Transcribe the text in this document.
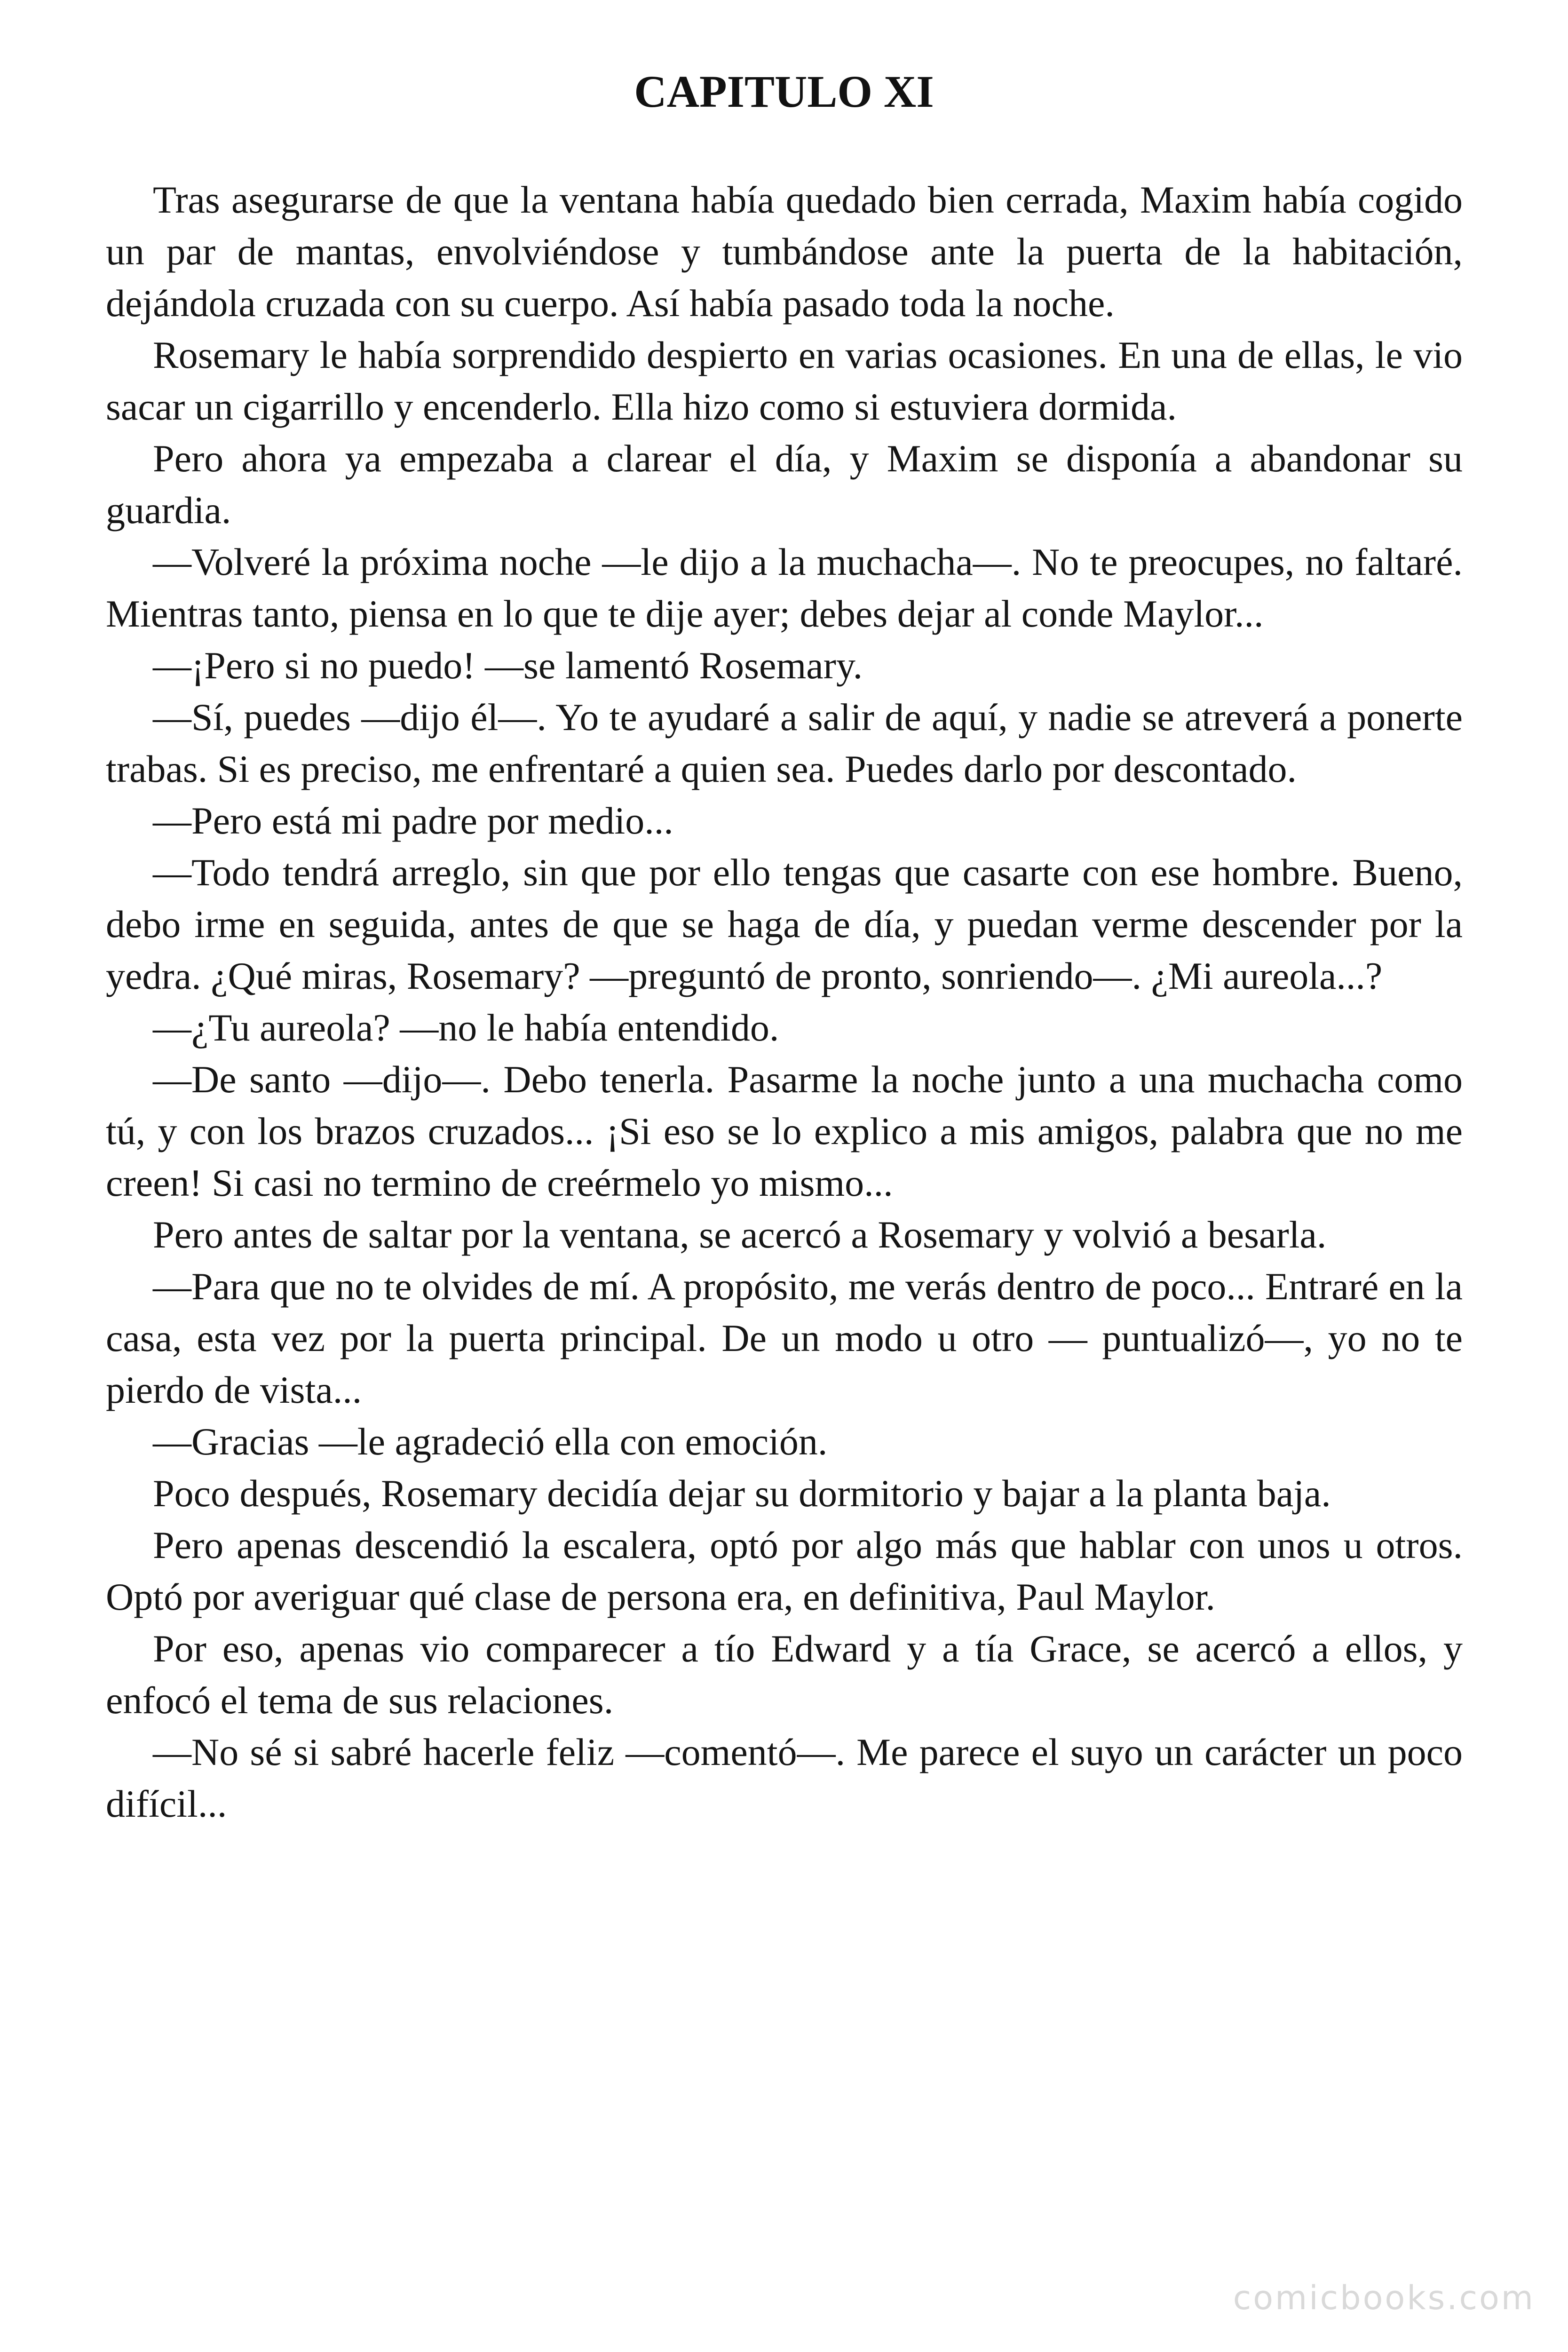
CAPITULO XI

Tras asegurarse de que la ventana había quedado bien cerrada, Maxim había cogido un par de mantas, envolviéndose y tumbándose ante la puerta de la habitación, dejándola cruzada con su cuerpo. Así había pasado toda la noche.

Rosemary le había sorprendido despierto en varias ocasiones. En una de ellas, le vio sacar un cigarrillo y encenderlo. Ella hizo como si estuviera dormida.

Pero ahora ya empezaba a clarear el día, y Maxim se disponía a abandonar su guardia.

—Volveré la próxima noche —le dijo a la muchacha—. No te preocupes, no faltaré. Mientras tanto, piensa en lo que te dije ayer; debes dejar al conde Maylor...

—¡Pero si no puedo! —se lamentó Rosemary.

—Sí, puedes —dijo él—. Yo te ayudaré a salir de aquí, y nadie se atreverá a ponerte trabas. Si es preciso, me enfrentaré a quien sea. Puedes darlo por descontado.

—Pero está mi padre por medio...

—Todo tendrá arreglo, sin que por ello tengas que casarte con ese hombre. Bueno, debo irme en seguida, antes de que se haga de día, y puedan verme descender por la yedra. ¿Qué miras, Rosemary? —preguntó de pronto, sonriendo—. ¿Mi aureola...?

—¿Tu aureola? —no le había entendido.

—De santo —dijo—. Debo tenerla. Pasarme la noche junto a una muchacha como tú, y con los brazos cruzados... ¡Si eso se lo explico a mis amigos, palabra que no me creen! Si casi no termino de creérmelo yo mismo...

Pero antes de saltar por la ventana, se acercó a Rosemary y volvió a besarla.

—Para que no te olvides de mí. A propósito, me verás dentro de poco... Entraré en la casa, esta vez por la puerta principal. De un modo u otro — puntualizó—, yo no te pierdo de vista...

—Gracias —le agradeció ella con emoción.

Poco después, Rosemary decidía dejar su dormitorio y bajar a la planta baja.

Pero apenas descendió la escalera, optó por algo más que hablar con unos u otros. Optó por averiguar qué clase de persona era, en definitiva, Paul Maylor.

Por eso, apenas vio comparecer a tío Edward y a tía Grace, se acercó a ellos, y enfocó el tema de sus relaciones.

—No sé si sabré hacerle feliz —comentó—. Me parece el suyo un carácter un poco difícil...

comicbooks.com
